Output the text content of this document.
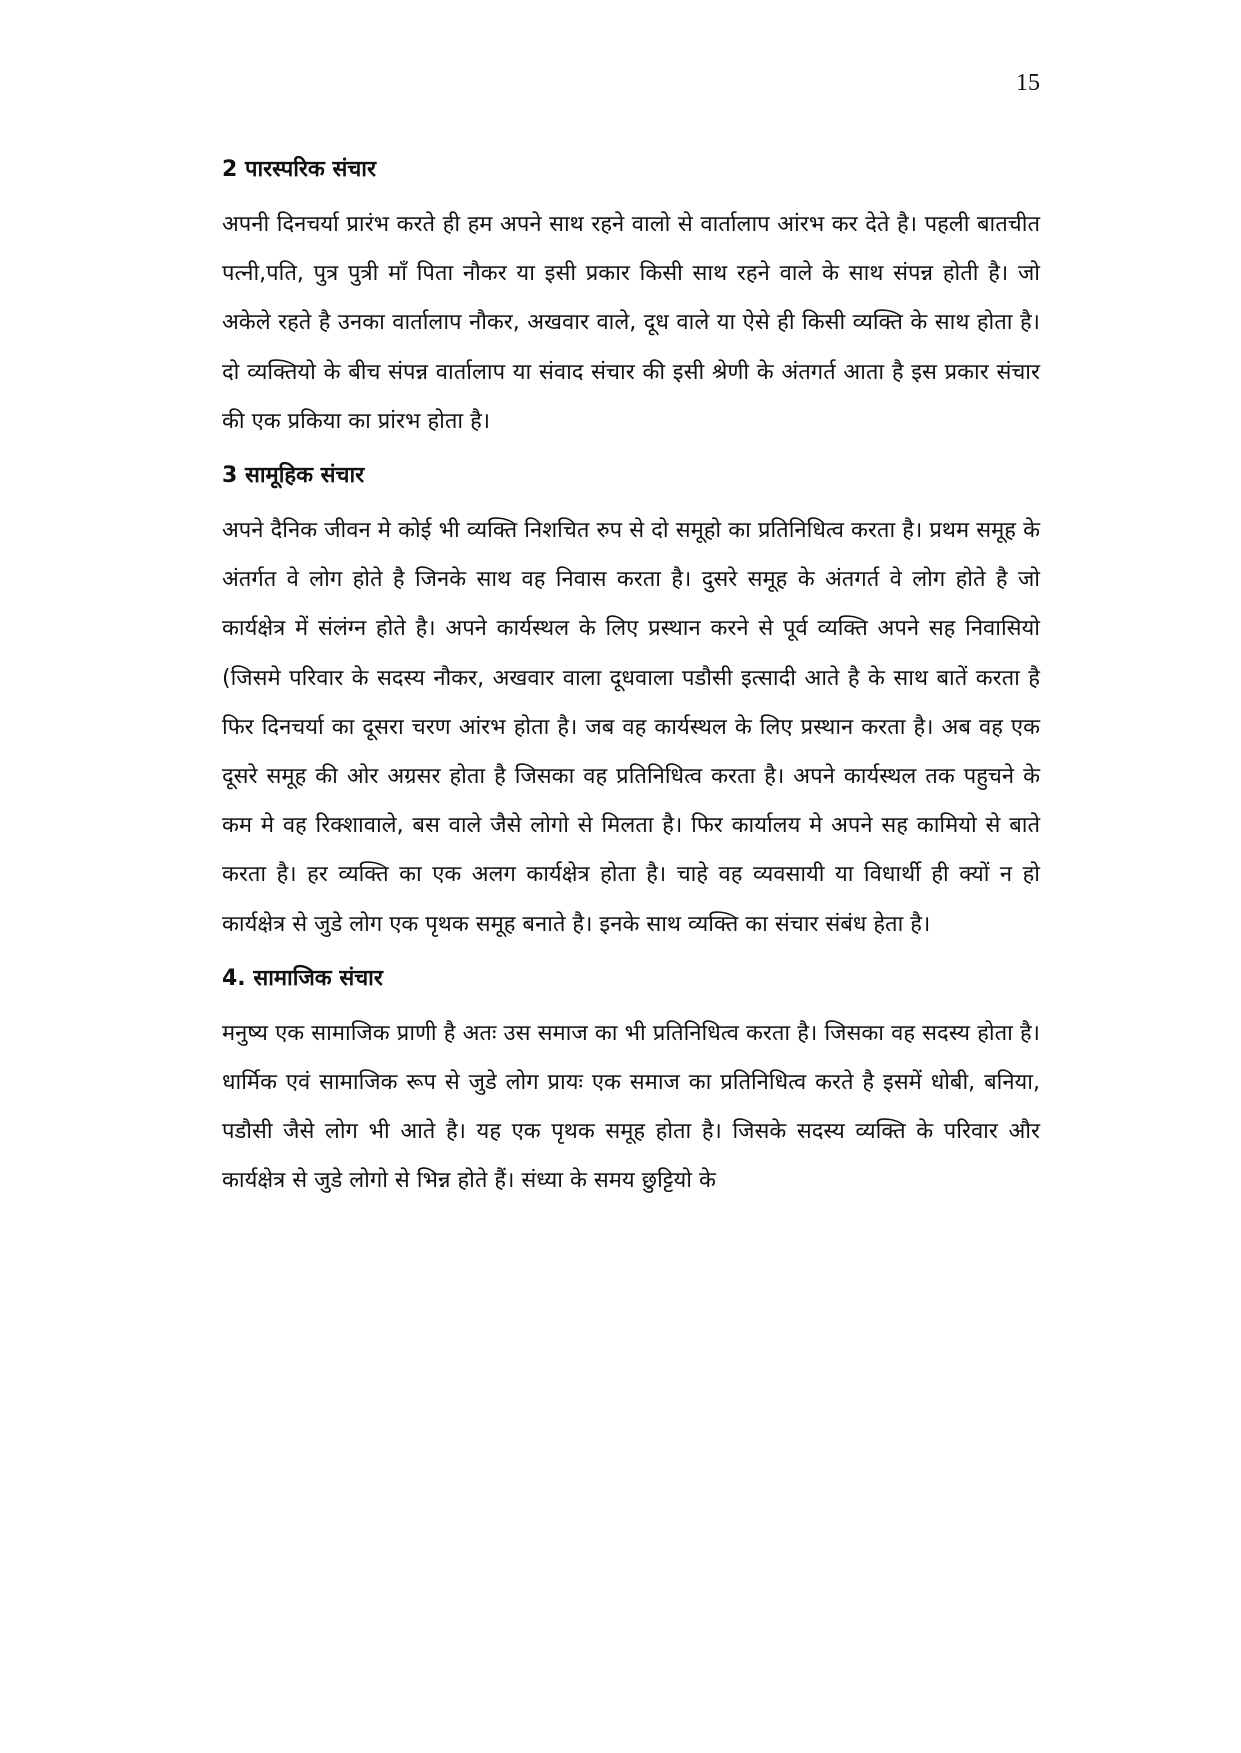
15
2 पारस्परिक संचार
अपनी दिनचर्या प्रारंभ करते ही हम अपने साथ रहने वालो से वार्तालाप आंरभ कर देते है। पहली बातचीत पत्नी,पति, पुत्र पुत्री माँ पिता नौकर या इसी प्रकार किसी साथ रहने वाले के साथ संपन्न होती है। जो अकेले रहते है उनका वार्तालाप नौकर, अखवार वाले, दूध वाले या ऐसे ही किसी व्यक्ति के साथ होता है। दो व्यक्तियो के बीच संपन्न वार्तालाप या संवाद संचार की इसी श्रेणी के अंतगर्त आता है इस प्रकार संचार की एक प्रकिया का प्रांरभ होता है।
3 सामूहिक संचार
अपने दैनिक जीवन मे कोई भी व्यक्ति निशचित रुप से दो समूहो का प्रतिनिधित्व करता है। प्रथम समूह के अंतर्गत वे लोग होते है जिनके साथ वह निवास करता है। दुसरे समूह के अंतगर्त वे लोग होते है जो कार्यक्षेत्र में संलंग्न होते है। अपने कार्यस्थल के लिए प्रस्थान करने से पूर्व व्यक्ति अपने सह निवासियो (जिसमे परिवार के सदस्य नौकर, अखवार वाला दूधवाला पडौसी इत्सादी आते है के साथ बातें करता है फिर दिनचर्या का दूसरा चरण आंरभ होता है। जब वह कार्यस्थल के लिए प्रस्थान करता है। अब वह एक दूसरे समूह की ओर अग्रसर होता है जिसका वह प्रतिनिधित्व करता है। अपने कार्यस्थल तक पहुचने के कम मे वह रिक्शावाले, बस वाले जैसे लोगो से मिलता है। फिर कार्यालय मे अपने सह कामियो से बाते करता है। हर व्यक्ति का एक अलग कार्यक्षेत्र होता है। चाहे वह व्यवसायी या विधार्थी ही क्यों न हो कार्यक्षेत्र से जुडे लोग एक पृथक समूह बनाते है। इनके साथ व्यक्ति का संचार संबंध हेता है।
4. सामाजिक संचार
मनुष्य एक सामाजिक प्राणी है अतः उस समाज का भी प्रतिनिधित्व करता है। जिसका वह सदस्य होता है। धार्मिक एवं सामाजिक रूप से जुडे लोग प्रायः एक समाज का प्रतिनिधित्व करते है इसमें धोबी, बनिया, पडौसी जैसे लोग भी आते है। यह एक पृथक समूह होता है। जिसके सदस्य व्यक्ति के परिवार और कार्यक्षेत्र से जुडे लोगो से भिन्न होते हैं। संध्या के समय छुट्टियो के
